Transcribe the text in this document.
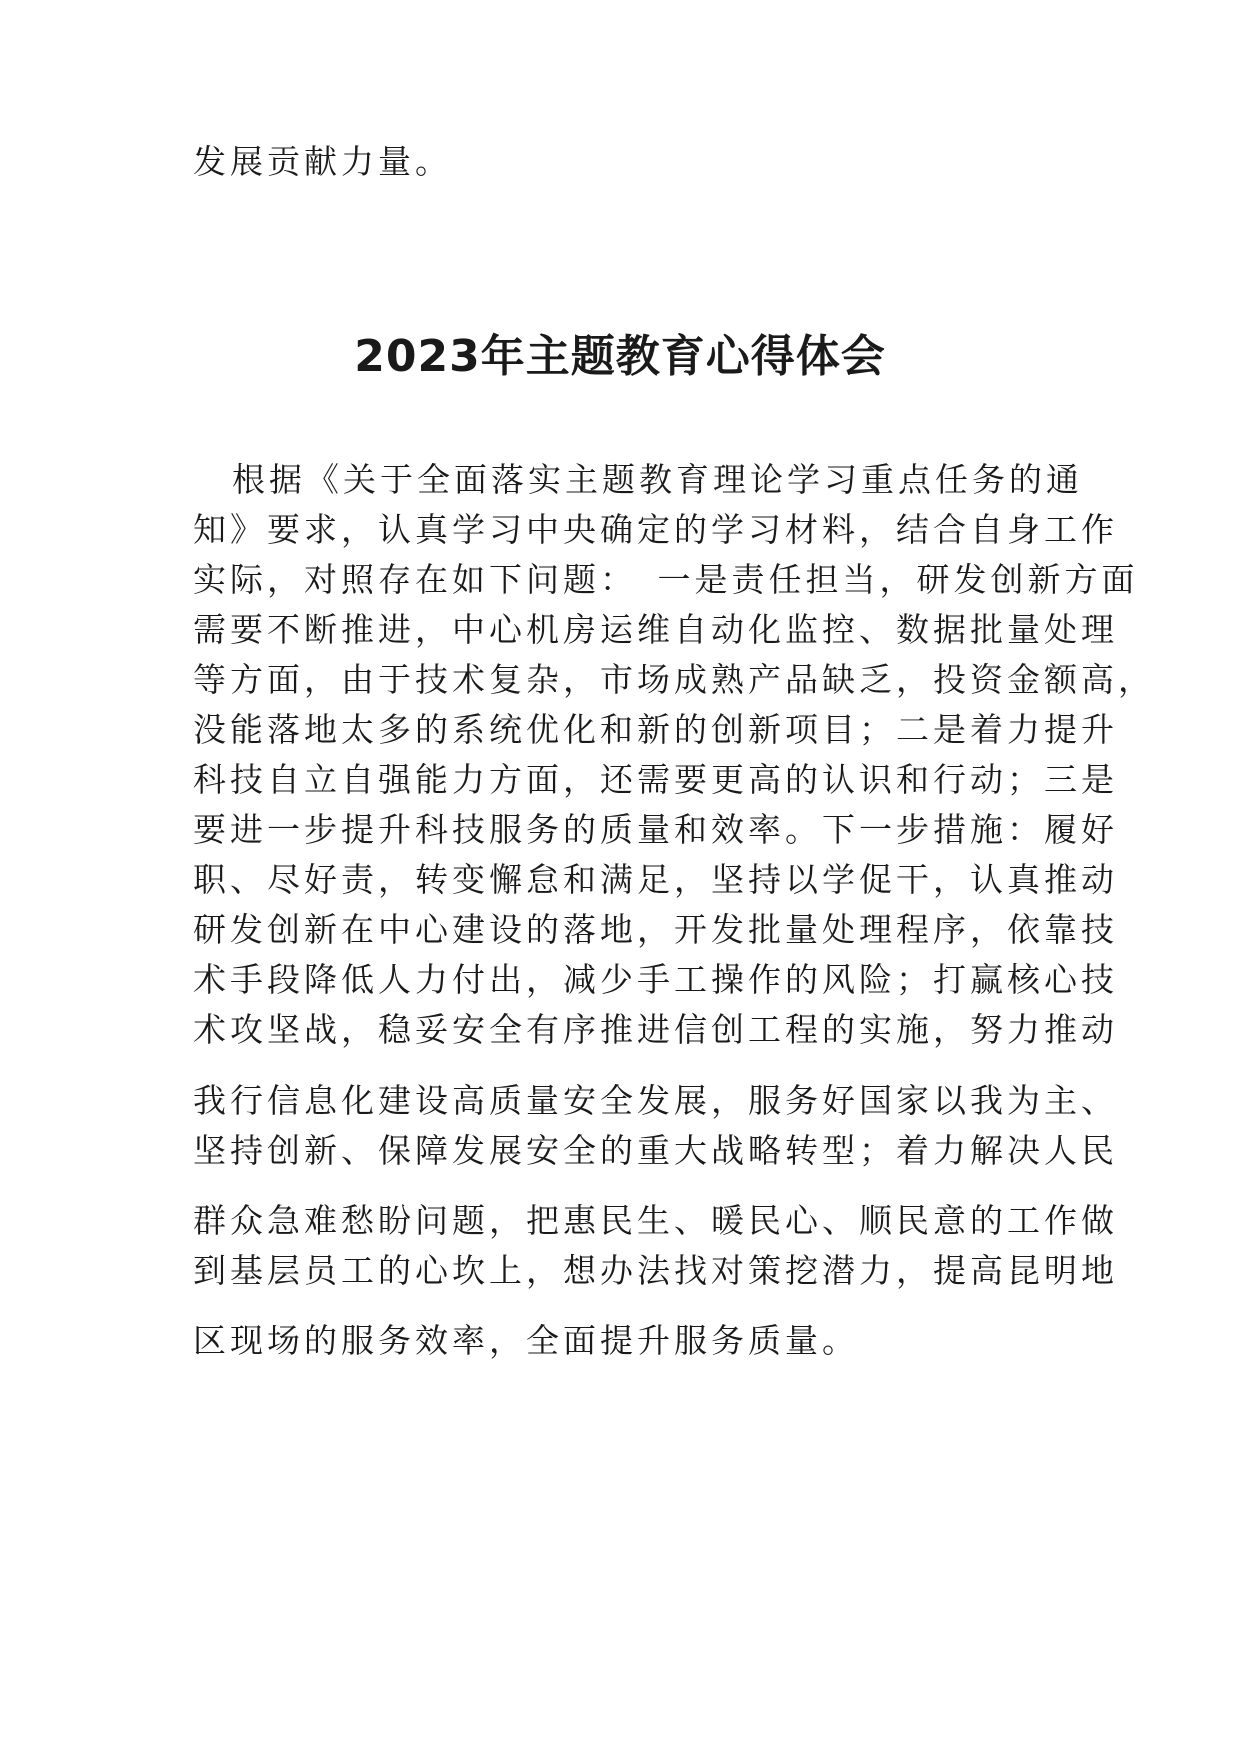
发展贡献力量。
2023年主题教育心得体会
根据《关于全面落实主题教育理论学习重点任务的通
知》要求，认真学习中央确定的学习材料，结合自身工作
实际，对照存在如下问题：　一是责任担当，研发创新方面
需要不断推进，中心机房运维自动化监控、数据批量处理
等方面，由于技术复杂，市场成熟产品缺乏，投资金额高，
没能落地太多的系统优化和新的创新项目；二是着力提升
科技自立自强能力方面，还需要更高的认识和行动；三是
要进一步提升科技服务的质量和效率。下一步措施：履好
职、尽好责，转变懈怠和满足，坚持以学促干，认真推动
研发创新在中心建设的落地，开发批量处理程序，依靠技
术手段降低人力付出，减少手工操作的风险；打赢核心技
术攻坚战，稳妥安全有序推进信创工程的实施，努力推动
我行信息化建设高质量安全发展，服务好国家以我为主、
坚持创新、保障发展安全的重大战略转型；着力解决人民
群众急难愁盼问题，把惠民生、暖民心、顺民意的工作做
到基层员工的心坎上，想办法找对策挖潜力，提高昆明地
区现场的服务效率，全面提升服务质量。
